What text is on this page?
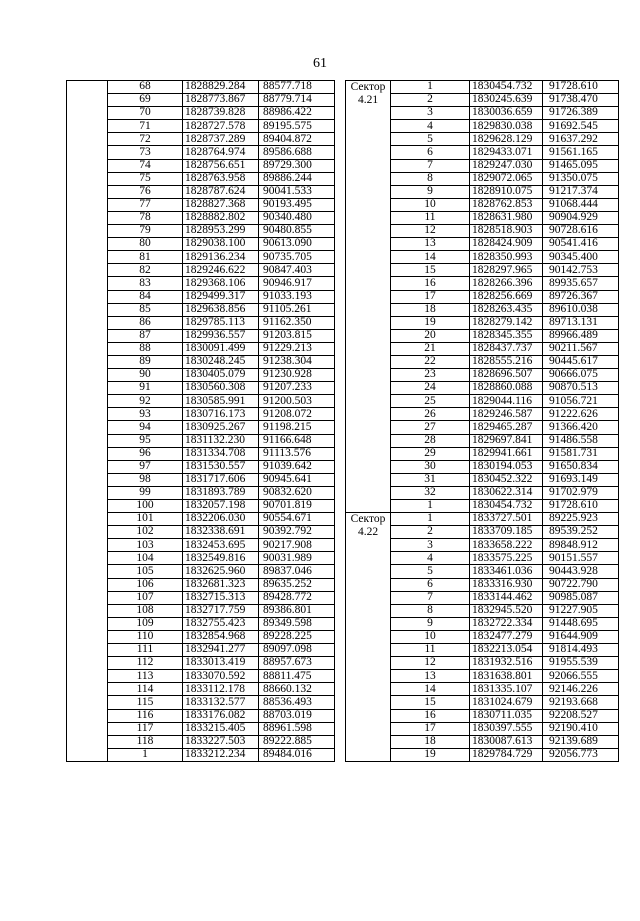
61
	68	1828829.284	88577.718
	69	1828773.867	88779.714
	70	1828739.828	88986.422
	71	1828727.578	89195.575
	72	1828737.289	89404.872
	73	1828764.974	89586.688
	74	1828756.651	89729.300
	75	1828763.958	89886.244
	76	1828787.624	90041.533
	77	1828827.368	90193.495
	78	1828882.802	90340.480
	79	1828953.299	90480.855
	80	1829038.100	90613.090
	81	1829136.234	90735.705
	82	1829246.622	90847.403
	83	1829368.106	90946.917
	84	1829499.317	91033.193
	85	1829638.856	91105.261
	86	1829785.113	91162.350
	87	1829936.557	91203.815
	88	1830091.499	91229.213
	89	1830248.245	91238.304
	90	1830405.079	91230.928
	91	1830560.308	91207.233
	92	1830585.991	91200.503
	93	1830716.173	91208.072
	94	1830925.267	91198.215
	95	1831132.230	91166.648
	96	1831334.708	91113.576
	97	1831530.557	91039.642
	98	1831717.606	90945.641
	99	1831893.789	90832.620
	100	1832057.198	90701.819
	101	1832206.030	90554.671
	102	1832338.691	90392.792
	103	1832453.695	90217.908
	104	1832549.816	90031.989
	105	1832625.960	89837.046
	106	1832681.323	89635.252
	107	1832715.313	89428.772
	108	1832717.759	89386.801
	109	1832755.423	89349.598
	110	1832854.968	89228.225
	111	1832941.277	89097.098
	112	1833013.419	88957.673
	113	1833070.592	88811.475
	114	1833112.178	88660.132
	115	1833132.577	88536.493
	116	1833176.082	88703.019
	117	1833215.405	88961.598
	118	1833227.503	89222.885
	1	1833212.234	89484.016
Сектор
4.21	1	1830454.732	91728.610
	2	1830245.639	91738.470
	3	1830036.659	91726.389
	4	1829830.038	91692.545
	5	1829628.129	91637.292
	6	1829433.071	91561.165
	7	1829247.030	91465.095
	8	1829072.065	91350.075
	9	1828910.075	91217.374
	10	1828762.853	91068.444
	11	1828631.980	90904.929
	12	1828518.903	90728.616
	13	1828424.909	90541.416
	14	1828350.993	90345.400
	15	1828297.965	90142.753
	16	1828266.396	89935.657
	17	1828256.669	89726.367
	18	1828263.435	89610.038
	19	1828279.142	89713.131
	20	1828345.355	89966.489
	21	1828437.737	90211.567
	22	1828555.216	90445.617
	23	1828696.507	90666.075
	24	1828860.088	90870.513
	25	1829044.116	91056.721
	26	1829246.587	91222.626
	27	1829465.287	91366.420
	28	1829697.841	91486.558
	29	1829941.661	91581.731
	30	1830194.053	91650.834
	31	1830452.322	91693.149
	32	1830622.314	91702.979
	1	1830454.732	91728.610

Сектор
4.22	1	1833727.501	89225.923
	2	1833709.185	89539.252
	3	1833658.222	89848.912
	4	1833575.225	90151.557
	5	1833461.036	90443.928
	6	1833316.930	90722.790
	7	1833144.462	90985.087
	8	1832945.520	91227.905
	9	1832722.334	91448.695
	10	1832477.279	91644.909
	11	1832213.054	91814.493
	12	1831932.516	91955.539
	13	1831638.801	92066.555
	14	1831335.107	92146.226
	15	1831024.679	92193.668
	16	1830711.035	92208.527
	17	1830397.555	92190.410
	18	1830087.613	92139.689
	19	1829784.729	92056.773
